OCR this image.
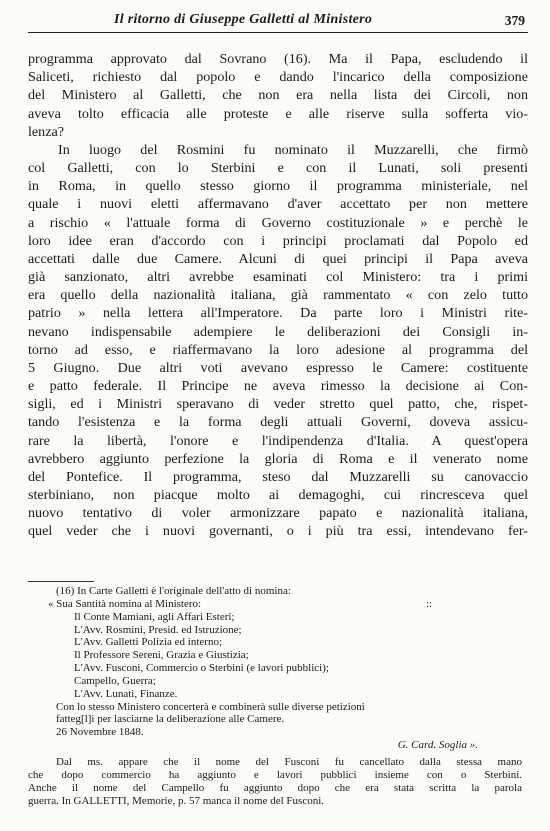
Il ritorno di Giuseppe Galletti al Ministero	379
programma approvato dal Sovrano (16). Ma il Papa, escludendo il
Saliceti, richiesto dal popolo e dando l'incarico della composizione
del Ministero al Galletti, che non era nella lista dei Circoli, non
aveva tolto efficacia alle proteste e alle riserve sulla sofferta vio-
lenza?
In luogo del Rosmini fu nominato il Muzzarelli, che firmò
col Galletti, con lo Sterbini e con il Lunati, soli presenti
in Roma, in quello stesso giorno il programma ministeriale, nel
quale i nuovi eletti affermavano d'aver accettato per non mettere
a rischio « l'attuale forma di Governo costituzionale » e perchè le
loro idee eran d'accordo con i principi proclamati dal Popolo ed
accettati dalle due Camere. Alcuni di quei principi il Papa aveva
già sanzionato, altri avrebbe esaminati col Ministero: tra i primi
era quello della nazionalità italiana, già rammentato « con zelo tutto
patrio » nella lettera all'Imperatore. Da parte loro i Ministri rite-
nevano indispensabile adempiere le deliberazioni dei Consigli in-
torno ad esso, e riaffermavano la loro adesione al programma del
5 Giugno. Due altri voti avevano espresso le Camere: costituente
e patto federale. Il Principe ne aveva rimesso la decisione ai Con-
sigli, ed i Ministri speravano di veder stretto quel patto, che, rispet-
tando l'esistenza e la forma degli attuali Governi, doveva assicu-
rare la libertà, l'onore e l'indipendenza d'Italia. A quest'opera
avrebbero aggiunto perfezione la gloria di Roma e il venerato nome
del Pontefice. Il programma, steso dal Muzzarelli su canovaccio
sterbiniano, non piacque molto ai demagoghi, cui rincresceva quel
nuovo tentativo di voler armonizzare papato e nazionalità italiana,
quel veder che i nuovi governanti, o i più tra essi, intendevano fer-
(16) In Carte Galletti è l'originale dell'atto di nomina:
« Sua Santità nomina al Ministero:	::
Il Conte Mamiani, agli Affari Esteri;
L'Avv. Rosmini, Presid. ed Istruzione;
L'Avv. Galletti Polizia ed interno;
Il Professore Sereni, Grazia e Giustizia;
L'Avv. Fusconi, Commercio o Sterbini (e lavori pubblici);
Campello, Guerra;
L'Avv. Lunati, Finanze.
Con lo stesso Ministero concerterà e combinerà sulle diverse petizioni
fatteg[l]i per lasciarne la deliberazione alle Camere.
26 Novembre 1848.
G. Card. Soglia ».
Dal ms. appare che il nome del Fusconi fu cancellato dalla stessa mano
che dopo commercio ha aggiunto e lavori pubblici insieme con o Sterbini.
Anche il nome del Campello fu aggiunto dopo che era stata scritta la parola
guerra. In GALLETTI, Memorie, p. 57 manca il nome del Fusconi.
